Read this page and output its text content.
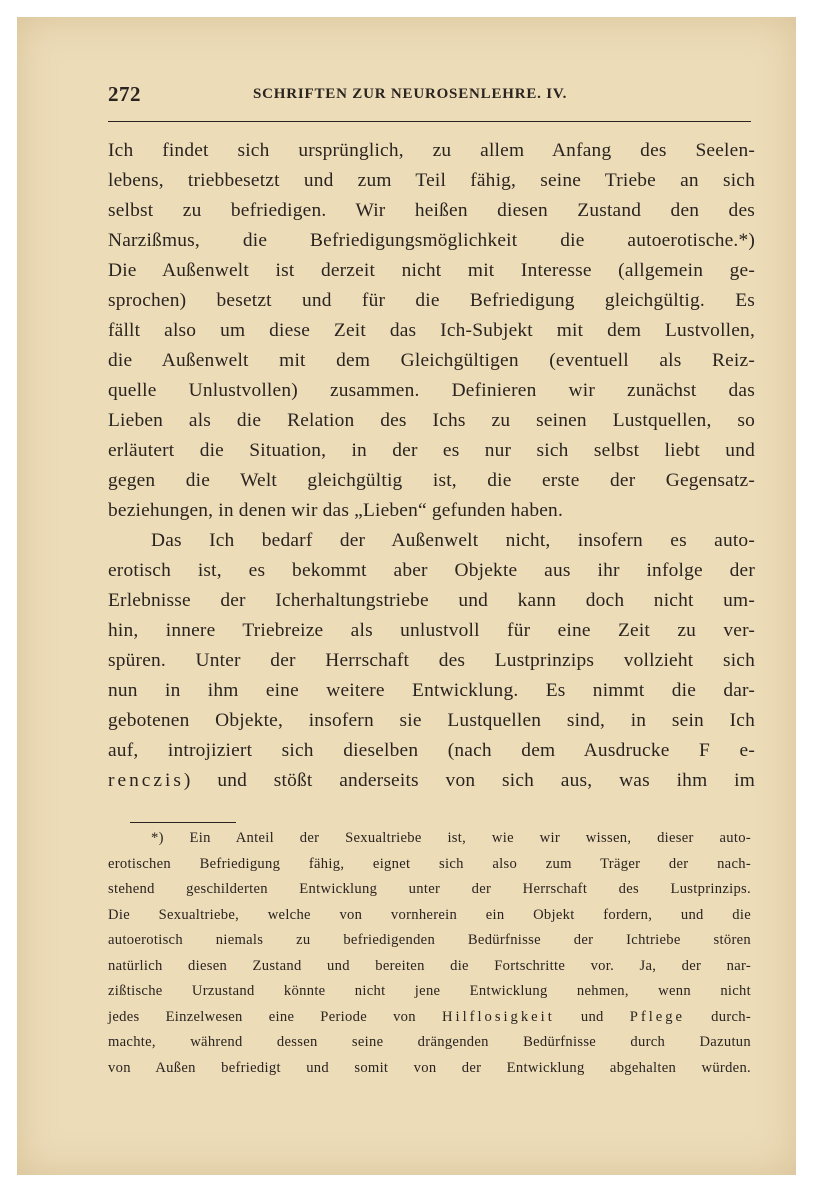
272	SCHRIFTEN ZUR NEUROSENLEHRE. IV.
Ich findet sich ursprünglich, zu allem Anfang des Seelen-
lebens, triebbesetzt und zum Teil fähig, seine Triebe an sich
selbst zu befriedigen. Wir heißen diesen Zustand den des
Narzißmus, die Befriedigungsmöglichkeit die autoerotische.*)
Die Außenwelt ist derzeit nicht mit Interesse (allgemein ge-
sprochen) besetzt und für die Befriedigung gleichgültig. Es
fällt also um diese Zeit das Ich-Subjekt mit dem Lustvollen,
die Außenwelt mit dem Gleichgültigen (eventuell als Reiz-
quelle Unlustvollen) zusammen. Definieren wir zunächst das
Lieben als die Relation des Ichs zu seinen Lustquellen, so
erläutert die Situation, in der es nur sich selbst liebt und
gegen die Welt gleichgültig ist, die erste der Gegensatz-
beziehungen, in denen wir das „Lieben“ gefunden haben.
Das Ich bedarf der Außenwelt nicht, insofern es auto-
erotisch ist, es bekommt aber Objekte aus ihr infolge der
Erlebnisse der Icherhaltungstriebe und kann doch nicht um-
hin, innere Triebreize als unlustvoll für eine Zeit zu ver-
spüren. Unter der Herrschaft des Lustprinzips vollzieht sich
nun in ihm eine weitere Entwicklung. Es nimmt die dar-
gebotenen Objekte, insofern sie Lustquellen sind, in sein Ich
auf, introjiziert sich dieselben (nach dem Ausdrucke F e-
renczis) und stößt anderseits von sich aus, was ihm im
*) Ein Anteil der Sexualtriebe ist, wie wir wissen, dieser auto-
erotischen Befriedigung fähig, eignet sich also zum Träger der nach-
stehend geschilderten Entwicklung unter der Herrschaft des Lustprinzips.
Die Sexualtriebe, welche von vornherein ein Objekt fordern, und die
autoerotisch niemals zu befriedigenden Bedürfnisse der Ichtriebe stören
natürlich diesen Zustand und bereiten die Fortschritte vor. Ja, der nar-
zißtische Urzustand könnte nicht jene Entwicklung nehmen, wenn nicht
jedes Einzelwesen eine Periode von Hilflosigkeit und Pflege durch-
machte, während dessen seine drängenden Bedürfnisse durch Dazutun
von Außen befriedigt und somit von der Entwicklung abgehalten würden.
